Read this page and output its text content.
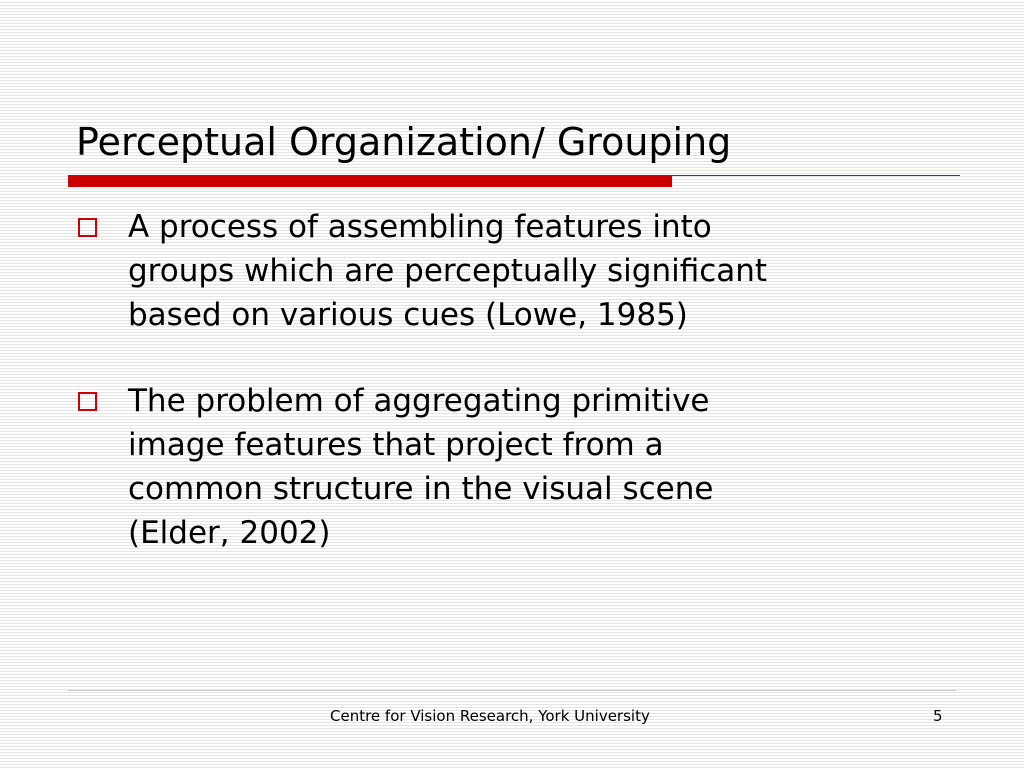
Perceptual Organization/ Grouping
A process of assembling features into
groups which are perceptually significant
based on various cues (Lowe, 1985)
The problem of aggregating primitive
image features that project from a
common structure in the visual scene
(Elder, 2002)
Centre for Vision Research, York University	5
